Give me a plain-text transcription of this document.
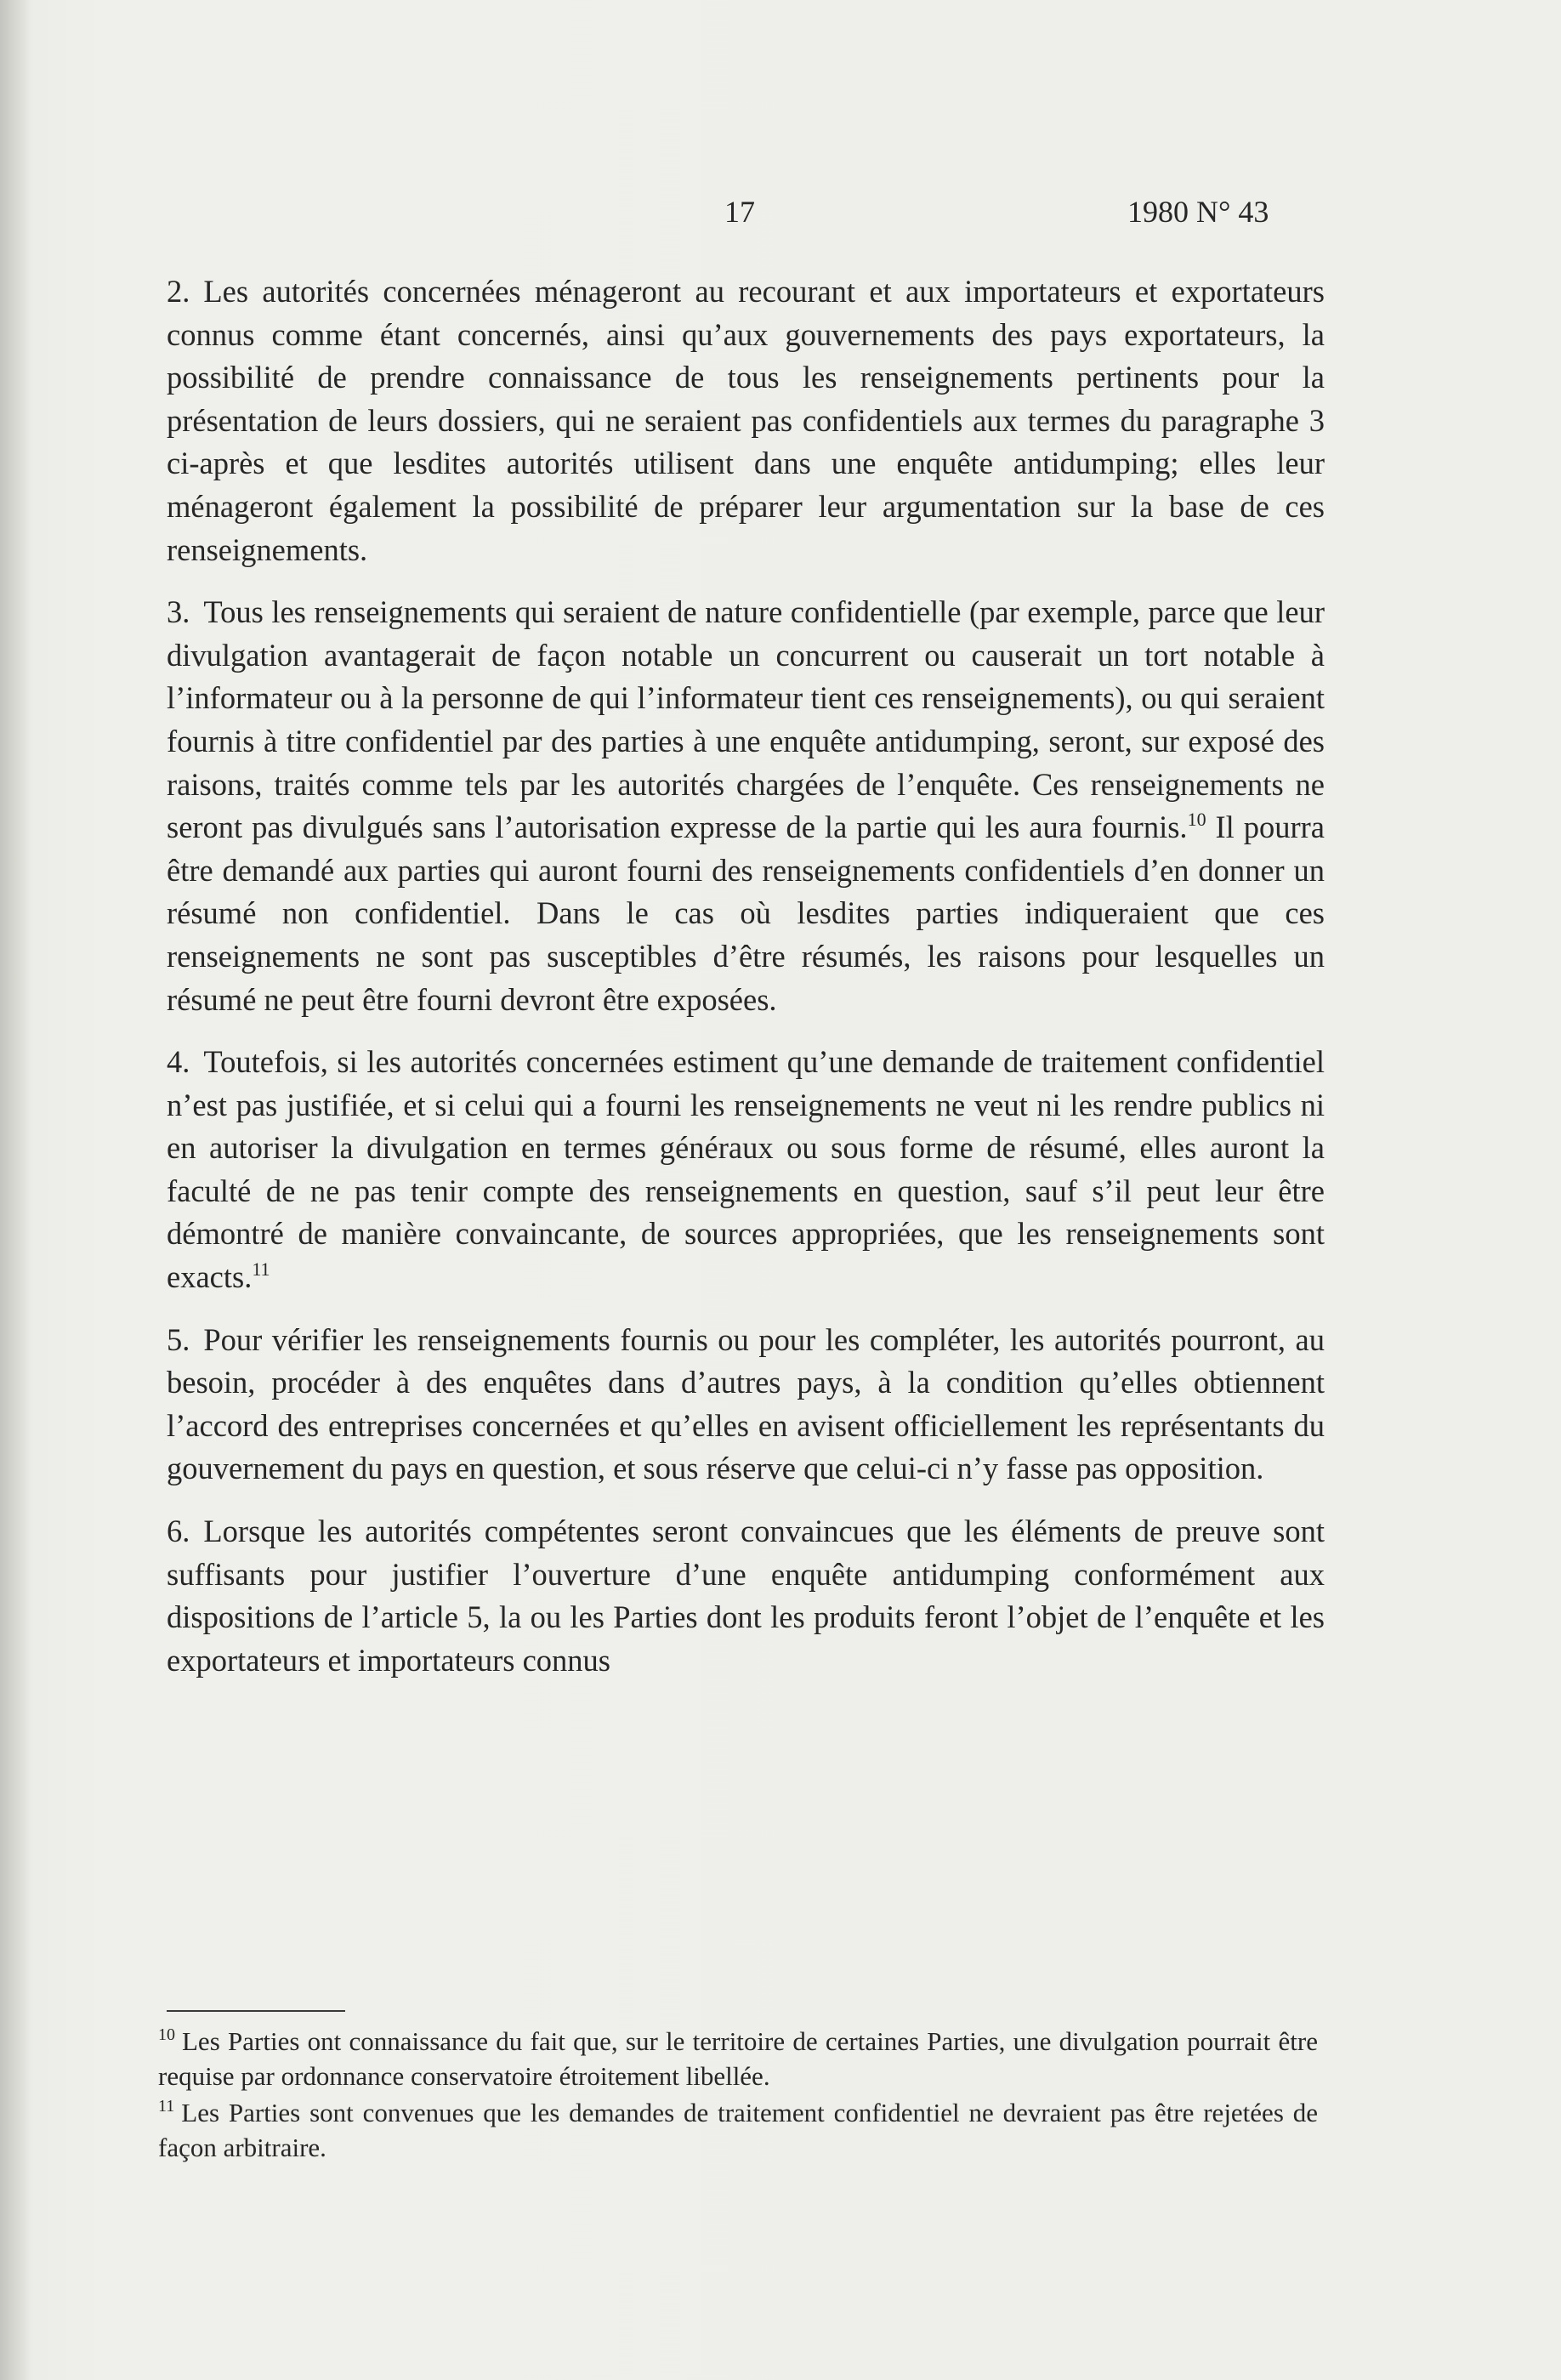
17	1980 N° 43

2. Les autorités concernées ménageront au recourant et aux importateurs et exportateurs connus comme étant concernés, ainsi qu’aux gouvernements des pays exportateurs, la possibilité de prendre connaissance de tous les renseignements pertinents pour la présentation de leurs dossiers, qui ne seraient pas confidentiels aux termes du paragraphe 3 ci-après et que lesdites autorités utilisent dans une enquête antidumping; elles leur ménageront également la possibilité de préparer leur argumentation sur la base de ces renseignements.

3. Tous les renseignements qui seraient de nature confidentielle (par exemple, parce que leur divulgation avantagerait de façon notable un concurrent ou causerait un tort notable à l’informateur ou à la personne de qui l’informateur tient ces renseignements), ou qui seraient fournis à titre confidentiel par des parties à une enquête antidumping, seront, sur exposé des raisons, traités comme tels par les autorités chargées de l’enquête. Ces renseignements ne seront pas divulgués sans l’autorisation expresse de la partie qui les aura fournis.$^{10}$ Il pourra être demandé aux parties qui auront fourni des renseignements confidentiels d’en donner un résumé non confidentiel. Dans le cas où lesdites parties indiqueraient que ces renseignements ne sont pas susceptibles d’être résumés, les raisons pour lesquelles un résumé ne peut être fourni devront être exposées.

4. Toutefois, si les autorités concernées estiment qu’une demande de traitement confidentiel n’est pas justifiée, et si celui qui a fourni les renseignements ne veut ni les rendre publics ni en autoriser la divulgation en termes généraux ou sous forme de résumé, elles auront la faculté de ne pas tenir compte des renseignements en question, sauf s’il peut leur être démontré de manière convaincante, de sources appropriées, que les renseignements sont exacts.$^{11}$

5. Pour vérifier les renseignements fournis ou pour les compléter, les autorités pourront, au besoin, procéder à des enquêtes dans d’autres pays, à la condition qu’elles obtiennent l’accord des entreprises concernées et qu’elles en avisent officiellement les représentants du gouvernement du pays en question, et sous réserve que celui-ci n’y fasse pas opposition.

6. Lorsque les autorités compétentes seront convaincues que les éléments de preuve sont suffisants pour justifier l’ouverture d’une enquête antidumping conformément aux dispositions de l’article 5, la ou les Parties dont les produits feront l’objet de l’enquête et les exportateurs et importateurs connus

$^{10}$ Les Parties ont connaissance du fait que, sur le territoire de certaines Parties, une divulgation pourrait être requise par ordonnance conservatoire étroitement libellée.

$^{11}$ Les Parties sont convenues que les demandes de traitement confidentiel ne devraient pas être rejetées de façon arbitraire.
